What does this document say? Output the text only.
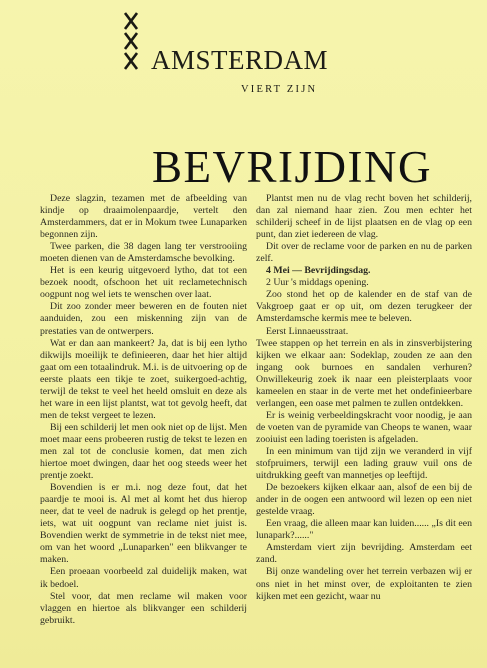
AMSTERDAM
VIERT ZIJN
BEVRIJDING

Deze slagzin, tezamen met de afbeelding van kindje op draaimolenpaardje, vertelt den Amsterdammers, dat er in Mokum twee Lunaparken begonnen zijn.

Twee parken, die 38 dagen lang ter verstrooiing moeten dienen van de Amsterdamsche bevolking.

Het is een keurig uitgevoerd lytho, dat tot een bezoek noodt, ofschoon het uit reclametechnisch oogpunt nog wel iets te wenschen over laat.

Dit zoo zonder meer beweren en de fouten niet aanduiden, zou een miskenning zijn van de prestaties van de ontwerpers.

Wat er dan aan mankeert? Ja, dat is bij een lytho dikwijls moeilijk te definieeren, daar het hier altijd gaat om een totaalindruk. M.i. is de uitvoering op de eerste plaats een tikje te zoet, suikergoed-achtig, terwijl de tekst te veel het heeld omsluit en deze als het ware in een lijst plantst, wat tot gevolg heeft, dat men de tekst vergeet te lezen.

Bij een schilderij let men ook niet op de lijst. Men moet maar eens probeeren rustig de tekst te lezen en men zal tot de conclusie komen, dat men zich hiertoe moet dwingen, daar het oog steeds weer het prentje zoekt.

Bovendien is er m.i. nog deze fout, dat het paardje te mooi is. Al met al komt het dus hierop neer, dat te veel de nadruk is gelegd op het prentje, iets, wat uit oogpunt van reclame niet juist is. Bovendien werkt de symmetrie in de tekst niet mee, om van het woord „Lunaparken" een blikvanger te maken.

Een proeaan voorbeeld zal duidelijk maken, wat ik bedoel.

Stel voor, dat men reclame wil maken voor vlaggen en hiertoe als blikvanger een schilderij gebruikt.

Plantst men nu de vlag recht boven het schilderij, dan zal niemand haar zien. Zou men echter het schilderij scheef in de lijst plaatsen en de vlag op een punt, dan ziet iedereen de vlag.

Dit over de reclame voor de parken en nu de parken zelf.

4 Mei — Bevrijdingsdag.

2 Uur 's middags opening.

Zoo stond het op de kalender en de staf van de Vakgroep gaat er op uit, om dezen terugkeer der Amsterdamsche kermis mee te beleven.

Eerst Linnaeusstraat.

Twee stappen op het terrein en als in zinsverbijstering kijken we elkaar aan: Sodeklap, zouden ze aan den ingang ook burnoes en sandalen verhuren? Onwillekeurig zoek ik naar een pleisterplaats voor kameelen en staar in de verte met het ondefinieerbare verlangen, een oase met palmen te zullen ontdekken.

Er is weinig verbeeldingskracht voor noodig, je aan de voeten van de pyramide van Cheops te wanen, waar zooiuist een lading toeristen is afgeladen.

In een minimum van tijd zijn we veranderd in vijf stofpruimers, terwijl een lading grauw vuil ons de uitdrukking geeft van mannetjes op leeftijd.

De bezoekers kijken elkaar aan, alsof de een bij de ander in de oogen een antwoord wil lezen op een niet gestelde vraag.

Een vraag, die alleen maar kan luiden...... „Is dit een lunapark?......"

Amsterdam viert zijn bevrijding. Amsterdam eet zand.

Bij onze wandeling over het terrein verbazen wij er ons niet in het minst over, de exploitanten te zien kijken met een gezicht, waar nu
